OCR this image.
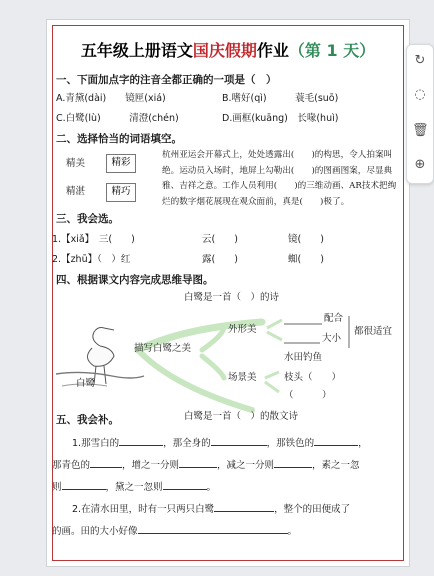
五年级上册语文国庆假期作业（第 1 天）
一、下面加点字的注音全都正确的一项是（　）
A.青黛(dài)　　镜匣(xiá)	B.嗜好(qì)　　　蓑毛(suō)
C.白鹭(lù)　　　清澄(chén)	D.画框(kuāng)　长喙(huì)
二、选择恰当的词语填空。
精美	精彩
精湛	精巧
杭州亚运会开幕式上，处处透露出(　　)的构思，令人拍案叫绝。运动员入场时，地屏上勾勒出(　　)的图画图案，尽显典雅、吉祥之意。工作人员利用(　　)的三维动画、AR技术把绚烂的数字烟花展现在观众面前，真是(　　)极了。
三、我会选。
1.【xiǎ】　三(　　)	云(　　)	镜(　　)
2.【zhū】（　）红	露(　　)	蜘(　　)
四、根据课文内容完成思维导图。
白鹭是一首（　）的诗
描写白鹭之美
白鹭
外形美
场景美
配合
大小
都很适宜
水田钓鱼
枝头（　　）
（　　　）
白鹭是一首（　）的散文诗
五、我会补。
1.那雪白的	，那全身的	，那铁色的	，
那青色的	，增之一分则	，减之一分则	，素之一忽
则	，黛之一忽则	。
2.在清水田里，时有一只两只白鹭	，整个的田便成了
的画。田的大小好像	。
↻
◌
🗑
⊕
